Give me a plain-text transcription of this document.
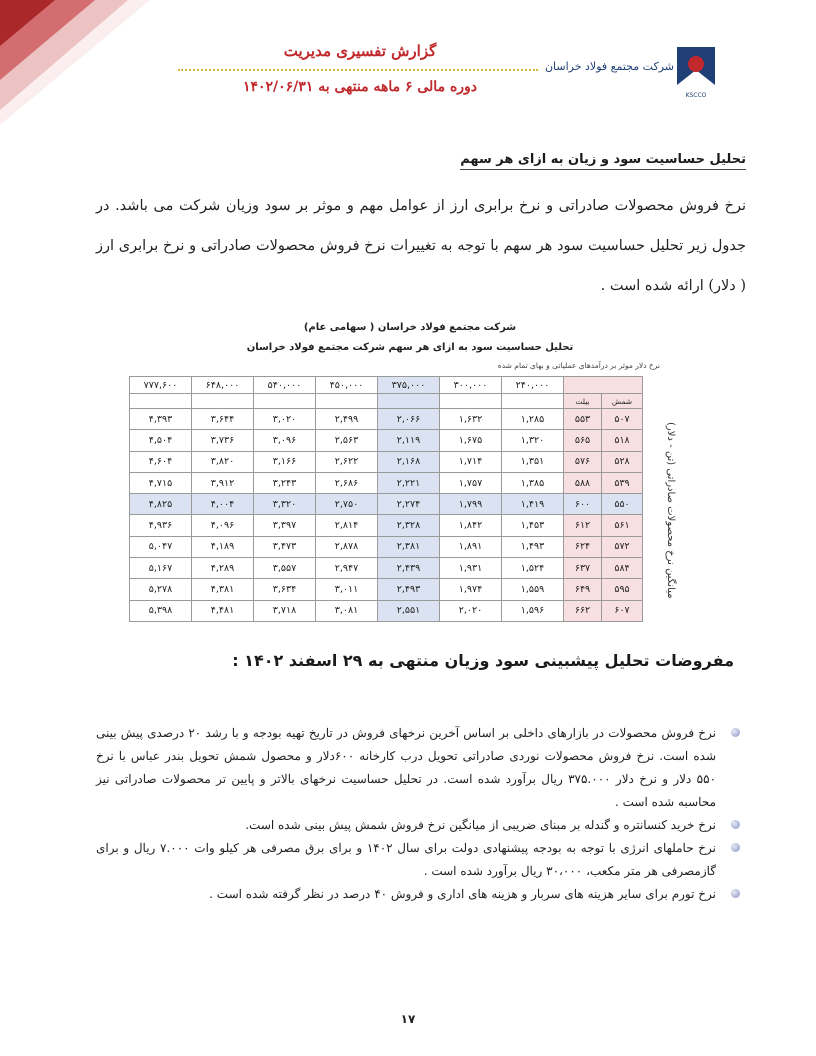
گزارش تفسیری مدیریت
دوره مالی ۶ ماهه منتهی به ۱۴۰۲/۰۶/۳۱
شرکت مجتمع فولاد خراسان
KSCCO
تحلیل حساسیت سود و زیان به ازای هر سهم
نرخ فروش محصولات صادراتی و نرخ برابری ارز از عوامل مهم و موثر بر سود وزیان شرکت می باشد. در جدول زیر تحلیل حساسیت سود هر سهم با توجه به تغییرات نرخ فروش محصولات صادراتی و نرخ برابری ارز ( دلار) ارائه شده است .
شرکت مجتمع فولاد خراسان ( سهامی عام)
تحلیل حساسیت سود به ازای هر سهم شرکت مجتمع فولاد خراسان
نرخ دلار موثر بر درآمدهای عملیاتی و بهای تمام شده
۷۷۷,۶۰۰	۶۴۸,۰۰۰	۵۴۰,۰۰۰	۴۵۰,۰۰۰	۳۷۵,۰۰۰	۳۰۰,۰۰۰	۲۴۰,۰۰۰		
							بیلت	شمش
۴,۳۹۳	۳,۶۴۴	۳,۰۲۰	۲,۴۹۹	۲,۰۶۶	۱,۶۳۲	۱,۲۸۵	۵۵۳	۵۰۷
۴,۵۰۴	۳,۷۳۶	۳,۰۹۶	۲,۵۶۳	۲,۱۱۹	۱,۶۷۵	۱,۳۲۰	۵۶۵	۵۱۸
۴,۶۰۴	۳,۸۲۰	۳,۱۶۶	۲,۶۲۲	۲,۱۶۸	۱,۷۱۴	۱,۳۵۱	۵۷۶	۵۲۸
۴,۷۱۵	۳,۹۱۲	۳,۲۴۳	۲,۶۸۶	۲,۲۲۱	۱,۷۵۷	۱,۳۸۵	۵۸۸	۵۳۹
۴,۸۲۵	۴,۰۰۴	۳,۳۲۰	۲,۷۵۰	۲,۲۷۴	۱,۷۹۹	۱,۴۱۹	۶۰۰	۵۵۰
۴,۹۳۶	۴,۰۹۶	۳,۳۹۷	۲,۸۱۴	۲,۳۲۸	۱,۸۴۲	۱,۴۵۳	۶۱۲	۵۶۱
۵,۰۴۷	۴,۱۸۹	۳,۴۷۳	۲,۸۷۸	۲,۳۸۱	۱,۸۹۱	۱,۴۹۳	۶۲۴	۵۷۲
۵,۱۶۷	۴,۲۸۹	۳,۵۵۷	۲,۹۴۷	۲,۴۳۹	۱,۹۳۱	۱,۵۲۴	۶۳۷	۵۸۴
۵,۲۷۸	۴,۳۸۱	۳,۶۳۴	۳,۰۱۱	۲,۴۹۳	۱,۹۷۴	۱,۵۵۹	۶۴۹	۵۹۵
۵,۳۹۸	۴,۴۸۱	۳,۷۱۸	۳,۰۸۱	۲,۵۵۱	۲,۰۲۰	۱,۵۹۶	۶۶۲	۶۰۷
میانگین نرخ محصولات صادراتی (تن - دلار)
مفروضات تحلیل پیشبینی سود وزیان منتهی به ۲۹ اسفند ۱۴۰۲ :
نرخ فروش محصولات در بازارهای داخلی بر اساس آخرین نرخهای فروش در تاریخ تهیه بودجه و با رشد ۲۰ درصدی پیش بینی شده است. نرخ فروش محصولات نوردی صادراتی تحویل درب کارخانه ۶۰۰دلار و محصول شمش تحویل بندر عباس با نرخ ۵۵۰ دلار و نرخ دلار ۳۷۵.۰۰۰ ریال برآورد شده است. در تحلیل حساسیت نرخهای بالاتر و پایین تر محصولات صادراتی نیز محاسبه شده است .
نرخ خرید کنسانتره و گندله بر مبنای ضریبی از میانگین نرخ فروش شمش پیش بینی شده است.
نرخ حاملهای انرژی با توجه به بودجه پیشنهادی دولت برای سال ۱۴۰۲ و برای برق مصرفی هر کیلو وات ۷.۰۰۰ ریال و برای گازمصرفی هر متر مکعب، ۳۰،۰۰۰ ریال برآورد شده است .
نرخ تورم برای سایر هزینه های سربار و هزینه های اداری و فروش ۴۰ درصد در نظر گرفته شده است .
۱۷
